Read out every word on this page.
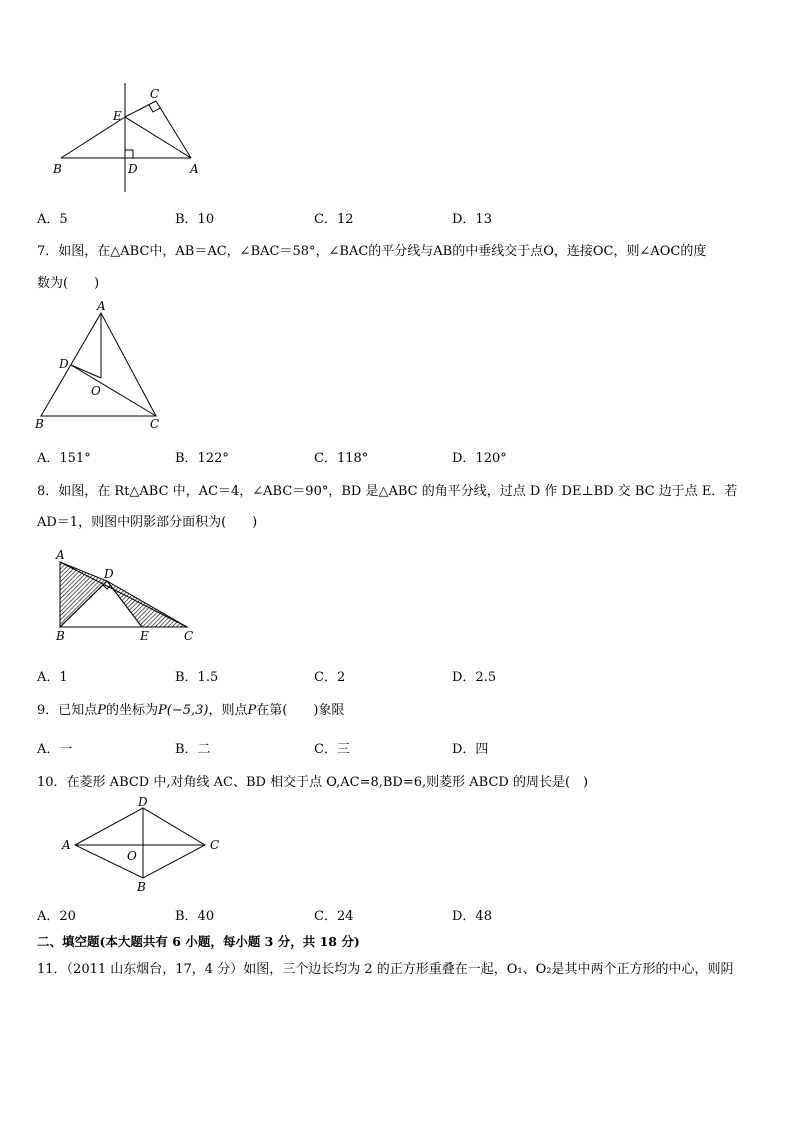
C
E
B	D	A
A．5	B．10	C．12	D．13
7．如图，在△ABC中，AB＝AC，∠BAC＝58°，∠BAC的平分线与AB的中垂线交于点O，连接OC，则∠AOC的度
数为(　　)
A
D
O
B	C
A．151°	B．122°	C．118°	D．120°
8．如图，在 Rt△ABC 中，AC＝4，∠ABC＝90°，BD 是△ABC 的角平分线，过点 D 作 DE⊥BD 交 BC 边于点 E．若
AD＝1，则图中阴影部分面积为(　　)
A
D
B	E	C
A．1	B．1.5	C．2	D．2.5
9．已知点P的坐标为P(−5,3)，则点P在第(　　)象限
A．一	B．二	C．三	D．四
10．在菱形 ABCD 中,对角线 AC、BD 相交于点 O,AC=8,BD=6,则菱形 ABCD 的周长是(　)
D
A	C
O
B
A．20	B．40	C．24	D．48
二、填空题(本大题共有 6 小题，每小题 3 分，共 18 分)
11．（2011 山东烟台，17，4 分）如图，三个边长均为 2 的正方形重叠在一起，O₁、O₂是其中两个正方形的中心，则阴
